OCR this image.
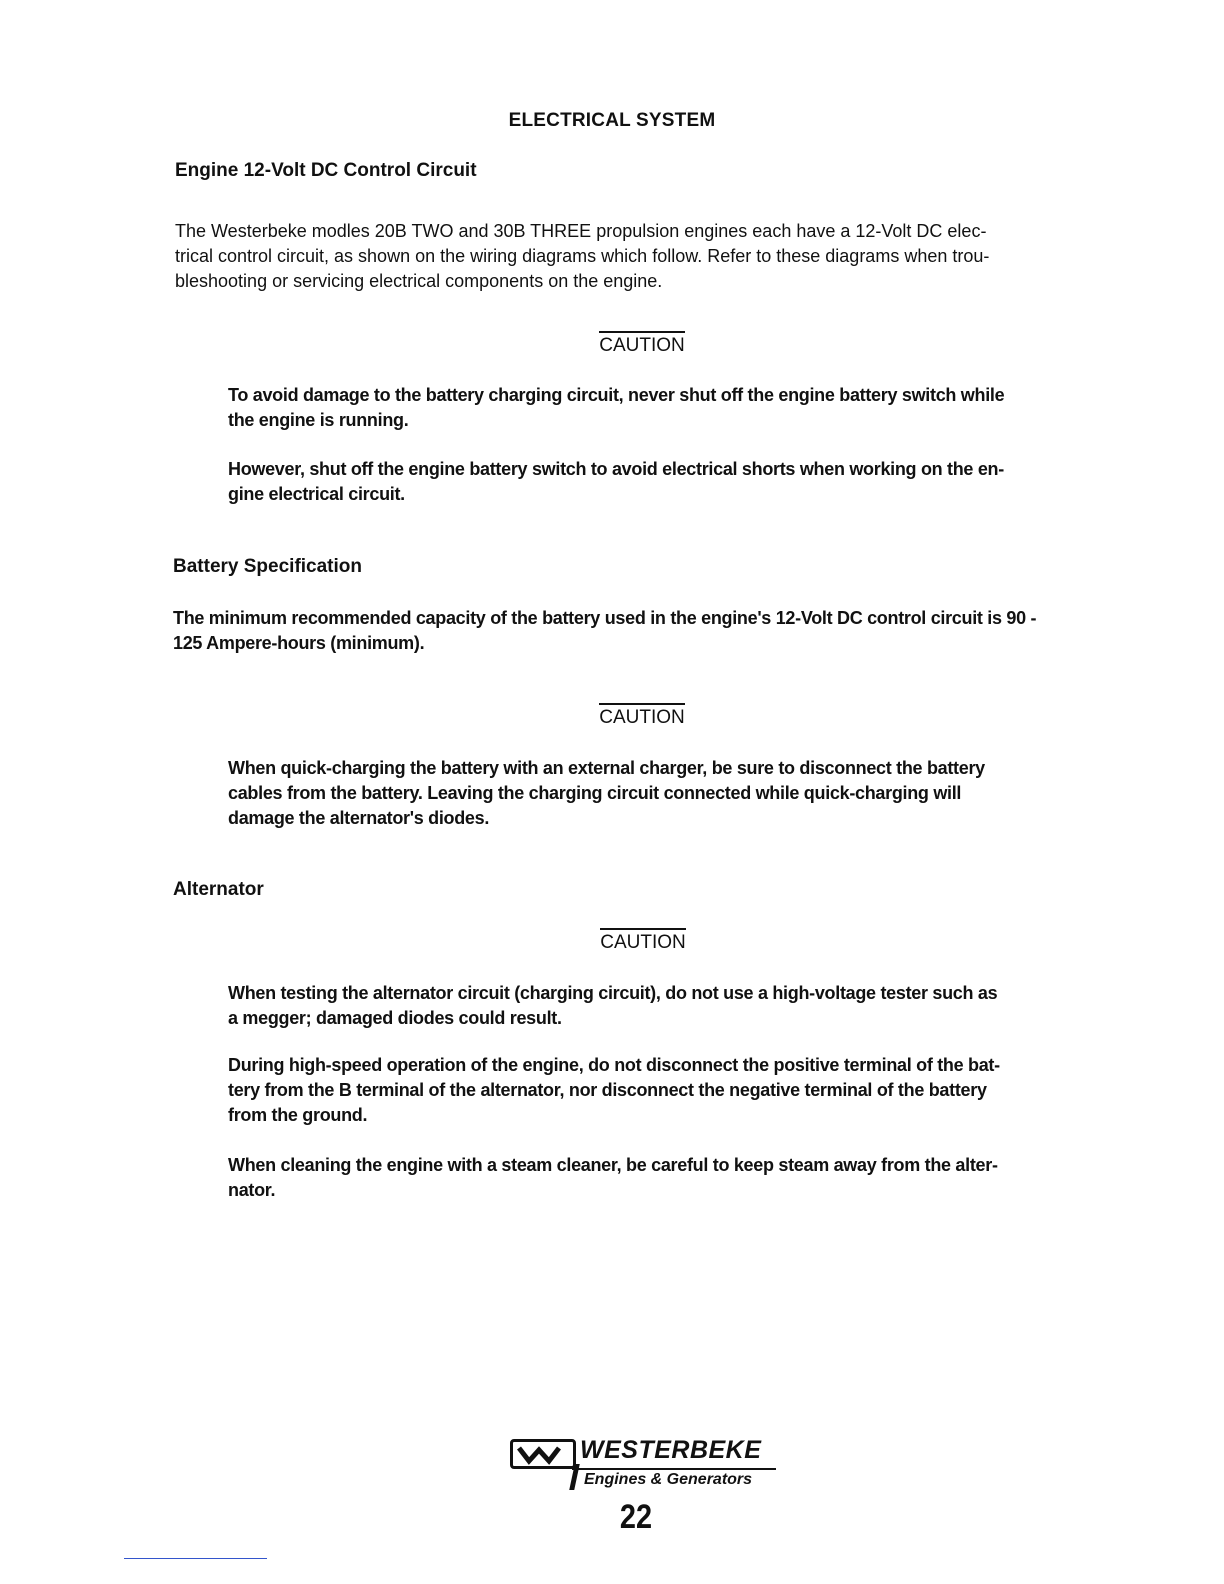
ELECTRICAL SYSTEM
Engine 12-Volt DC Control Circuit
The Westerbeke modles 20B TWO and 30B THREE propulsion engines each have a 12-Volt DC elec-
trical control circuit, as shown on the wiring diagrams which follow. Refer to these diagrams when trou-
bleshooting or servicing electrical components on the engine.
CAUTION
To avoid damage to the battery charging circuit, never shut off the engine battery switch while
the engine is running.
However, shut off the engine battery switch to avoid electrical shorts when working on the en-
gine electrical circuit.
Battery Specification
The minimum recommended capacity of the battery used in the engine's 12-Volt DC control circuit is 90 -
125 Ampere-hours (minimum).
CAUTION
When quick-charging the battery with an external charger, be sure to disconnect the battery
cables from the battery. Leaving the charging circuit connected while quick-charging will
damage the alternator's diodes.
Alternator
CAUTION
When testing the alternator circuit (charging circuit), do not use a high-voltage tester such as
a megger; damaged diodes could result.
During high-speed operation of the engine, do not disconnect the positive terminal of the bat-
tery from the B terminal of the alternator, nor disconnect the negative terminal of the battery
from the ground.
When cleaning the engine with a steam cleaner, be careful to keep steam away from the alter-
nator.
WESTERBEKE
Engines & Generators
22
